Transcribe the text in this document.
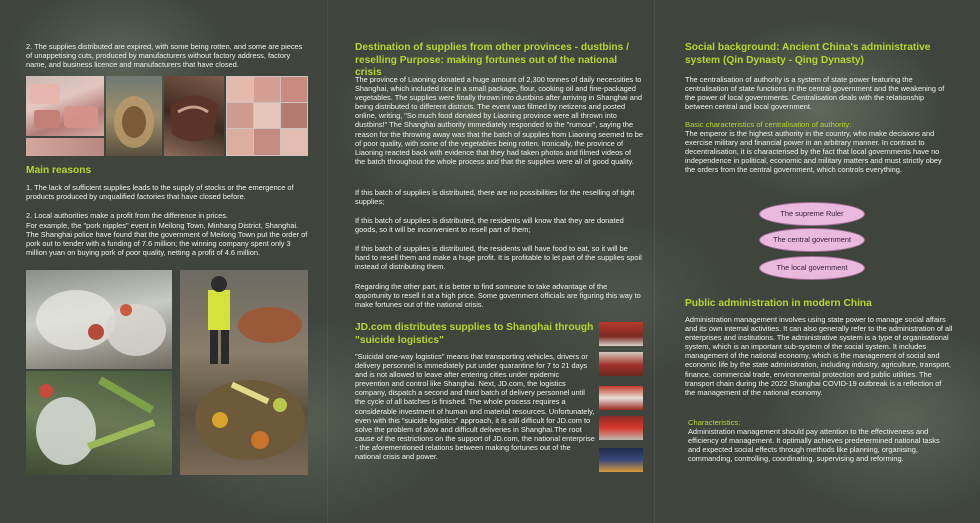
2. The supplies distributed are expired, with some being rotten, and some are pieces of unappetising cuts, produced by manufacturers without factory address, factory name, and business licence and manufacturers that have closed.

Main reasons

1. The lack of sufficient supplies leads to the supply of stocks or the emergence of products produced by unqualified factories that have closed before.

2. Local authorities make a profit from the difference in prices.

For example, the "pork nipples" event in Meilong Town, Minhang District, Shanghai. The Shanghai police have found that the government of Meilong Town put the order of pork out to tender with a funding of 7.6 million; the winning company spent only 3 million yuan on buying pork of poor quality, netting a profit of 4.6 million.

Destination of supplies from other provinces - dustbins / reselling Purpose: making fortunes out of the national crisis

The province of Liaoning donated a huge amount of 2,300 tonnes of daily necessities to Shanghai, which included rice in a small package, flour, cooking oil and fine-packaged vegetables. The supplies were finally thrown into dustbins after arriving in Shanghai and being distributed to different districts. The event was filmed by netizens and posted online, writing, "So much food donated by Liaoning province were all thrown into dustbins!" The Shanghai authority immediately responded to the "rumour", saying the reason for the throwing away was that the batch of supplies from Liaoning seemed to be of poor quality, with some of the vegetables being rotten. Ironically, the province of Liaoning reacted back with evidence that they had taken photos and filmed videos of the batch throughout the whole process and that the supplies were all of good quality.

If this batch of supplies is distributed, there are no possibilities for the reselling of tight supplies;

If this batch of supplies is distributed, the residents will know that they are donated goods, so it will be inconvenient to resell part of them;

If this batch of supplies is distributed, the residents will have food to eat, so it will be hard to resell them and make a huge profit. It is profitable to let part of the supplies spoil instead of distributing them.

Regarding the other part, it is better to find someone to take advantage of the opportunity to resell it at a high price. Some government officials are figuring this way to make fortunes out of the national crisis.

JD.com distributes supplies to Shanghai through "suicide logistics"

"Suicidal one-way logistics" means that transporting vehicles, drivers or delivery personnel is immediately put under quarantine for 7 to 21 days and is not allowed to leave after entering cities under epidemic prevention and control like Shanghai. Next, JD.com, the logistics company, dispatch a second and third batch of delivery personnel until the cycle of all batches is finished. The whole process requires a considerable investment of human and material resources. Unfortunately, even with this "suicide logistics" approach, it is still difficult for JD.com to solve the problem of slow and difficult deliveries in Shanghai.The root cause of the restrictions on the support of JD.com, the national enterprise - the aforementioned relations between making fortunes out of the national crisis and power.

Social background: Ancient China's administrative system (Qin Dynasty - Qing Dynasty)

The centralisation of authority is a system of state power featuring the centralisation of state functions in the central government and the weakening of the power of local governments. Centralisation deals with the relationship between central and local government.

Basic characteristics of centralisation of authority:

The emperor is the highest authority in the country, who make decisions and exercise military and financial power in an arbitrary manner. In contrast to decentralisation, it is characterised by the fact that local governments have no independence in political, economic and military matters and must strictly obey the orders from the central government, which controls everything.

The supreme Ruler
The central government
The local government

Public administration in modern China

Administration management involves using state power to manage social affairs and its own internal activities. It can also generally refer to the administration of all enterprises and institutions. The administrative system is a type of organisational system, which is an important sub-system of the social system. It includes management of the national economy, which is the management of social and economic life by the state administration, including industry, agriculture, transport, finance, commercial trade, environmental protection and public utilities. The transport chain during the 2022 Shanghai COVID-19 outbreak is a reflection of the management of the national economy.

Characteristics:

Administration management should pay attention to the effectiveness and efficiency of management. It optimally achieves predetermined national tasks and expected social effects through methods like planning, organising, commanding, controlling, coordinating, supervising and reforming.
